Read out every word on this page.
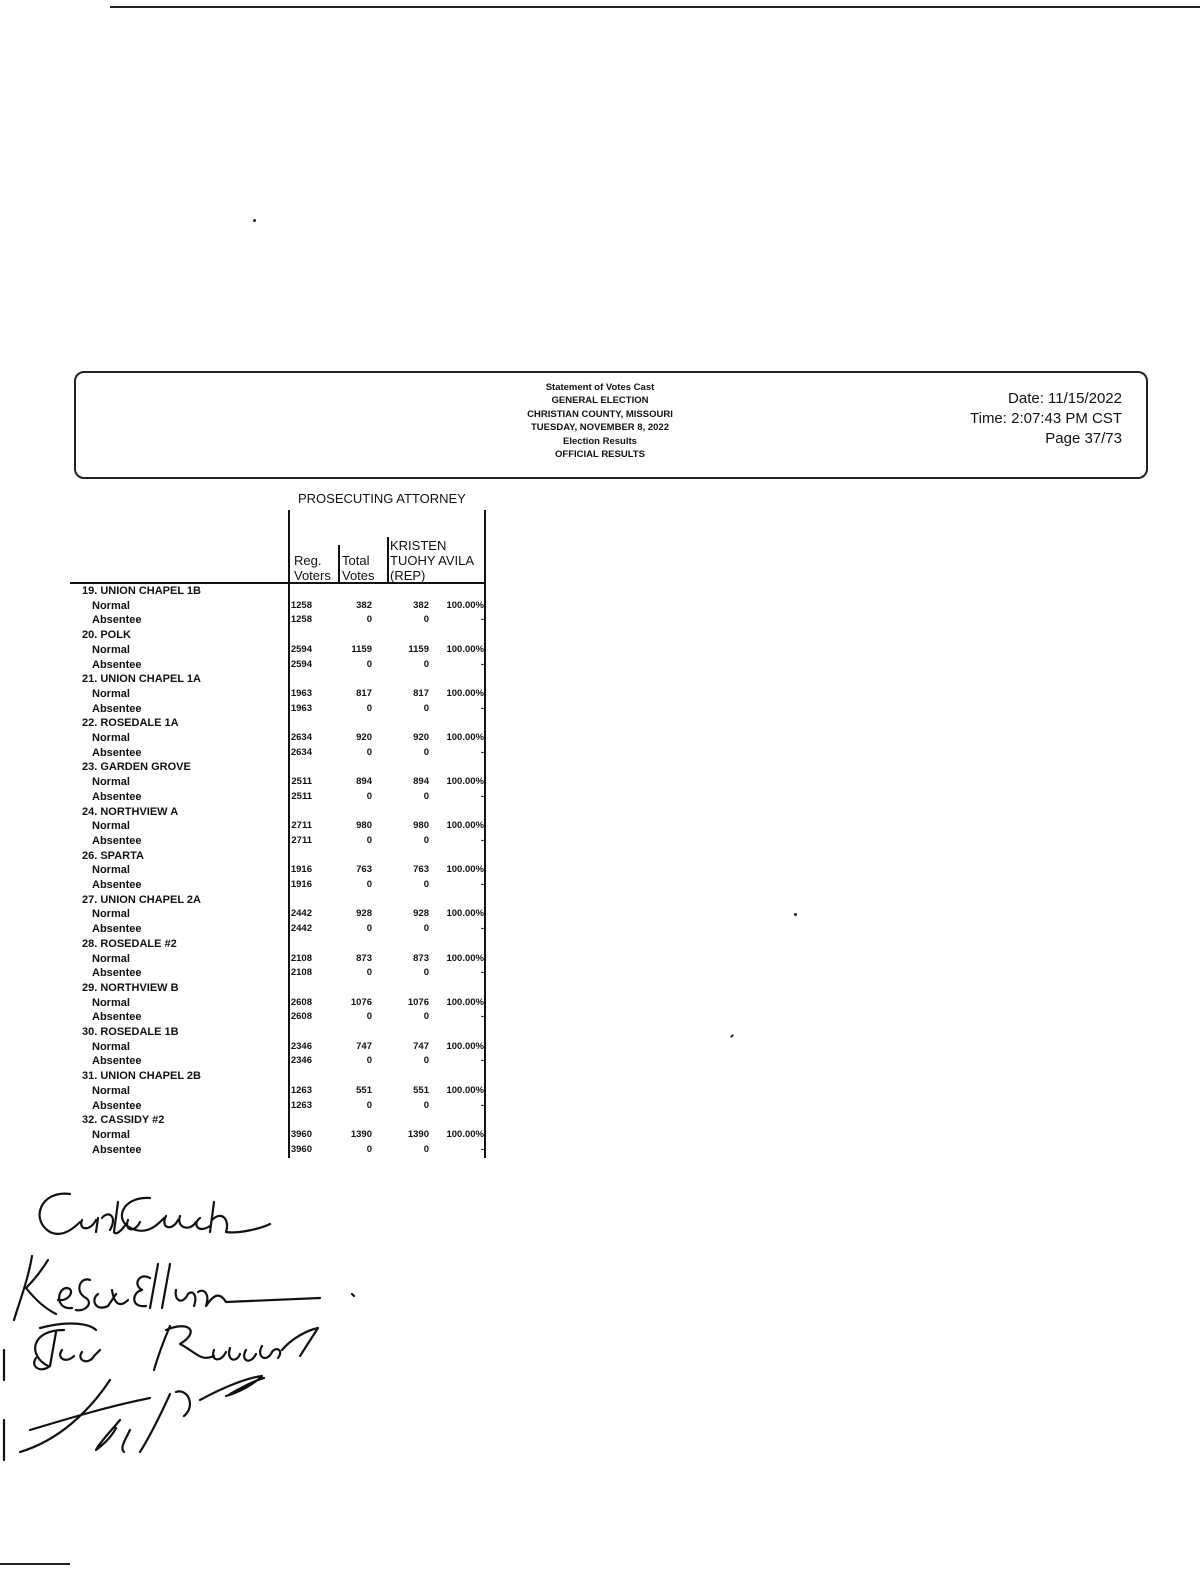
Statement of Votes Cast
GENERAL ELECTION
CHRISTIAN COUNTY, MISSOURI
TUESDAY, NOVEMBER 8, 2022
Election Results
OFFICIAL RESULTS
Date: 11/15/2022
Time: 2:07:43 PM CST
Page 37/73
PROSECUTING ATTORNEY
Reg.
Voters
Total
Votes
KRISTEN
TUOHY AVILA
(REP)
19. UNION CHAPEL 1B
Normal	1258	382	382	100.00%
Absentee	1258	0	0	-
20. POLK
Normal	2594	1159	1159	100.00%
Absentee	2594	0	0	-
21. UNION CHAPEL 1A
Normal	1963	817	817	100.00%
Absentee	1963	0	0	-
22. ROSEDALE 1A
Normal	2634	920	920	100.00%
Absentee	2634	0	0	-
23. GARDEN GROVE
Normal	2511	894	894	100.00%
Absentee	2511	0	0	-
24. NORTHVIEW A
Normal	2711	980	980	100.00%
Absentee	2711	0	0	-
26. SPARTA
Normal	1916	763	763	100.00%
Absentee	1916	0	0	-
27. UNION CHAPEL 2A
Normal	2442	928	928	100.00%
Absentee	2442	0	0	-
28. ROSEDALE #2
Normal	2108	873	873	100.00%
Absentee	2108	0	0	-
29. NORTHVIEW B
Normal	2608	1076	1076	100.00%
Absentee	2608	0	0	-
30. ROSEDALE 1B
Normal	2346	747	747	100.00%
Absentee	2346	0	0	-
31. UNION CHAPEL 2B
Normal	1263	551	551	100.00%
Absentee	1263	0	0	-
32. CASSIDY #2
Normal	3960	1390	1390	100.00%
Absentee	3960	0	0	-
